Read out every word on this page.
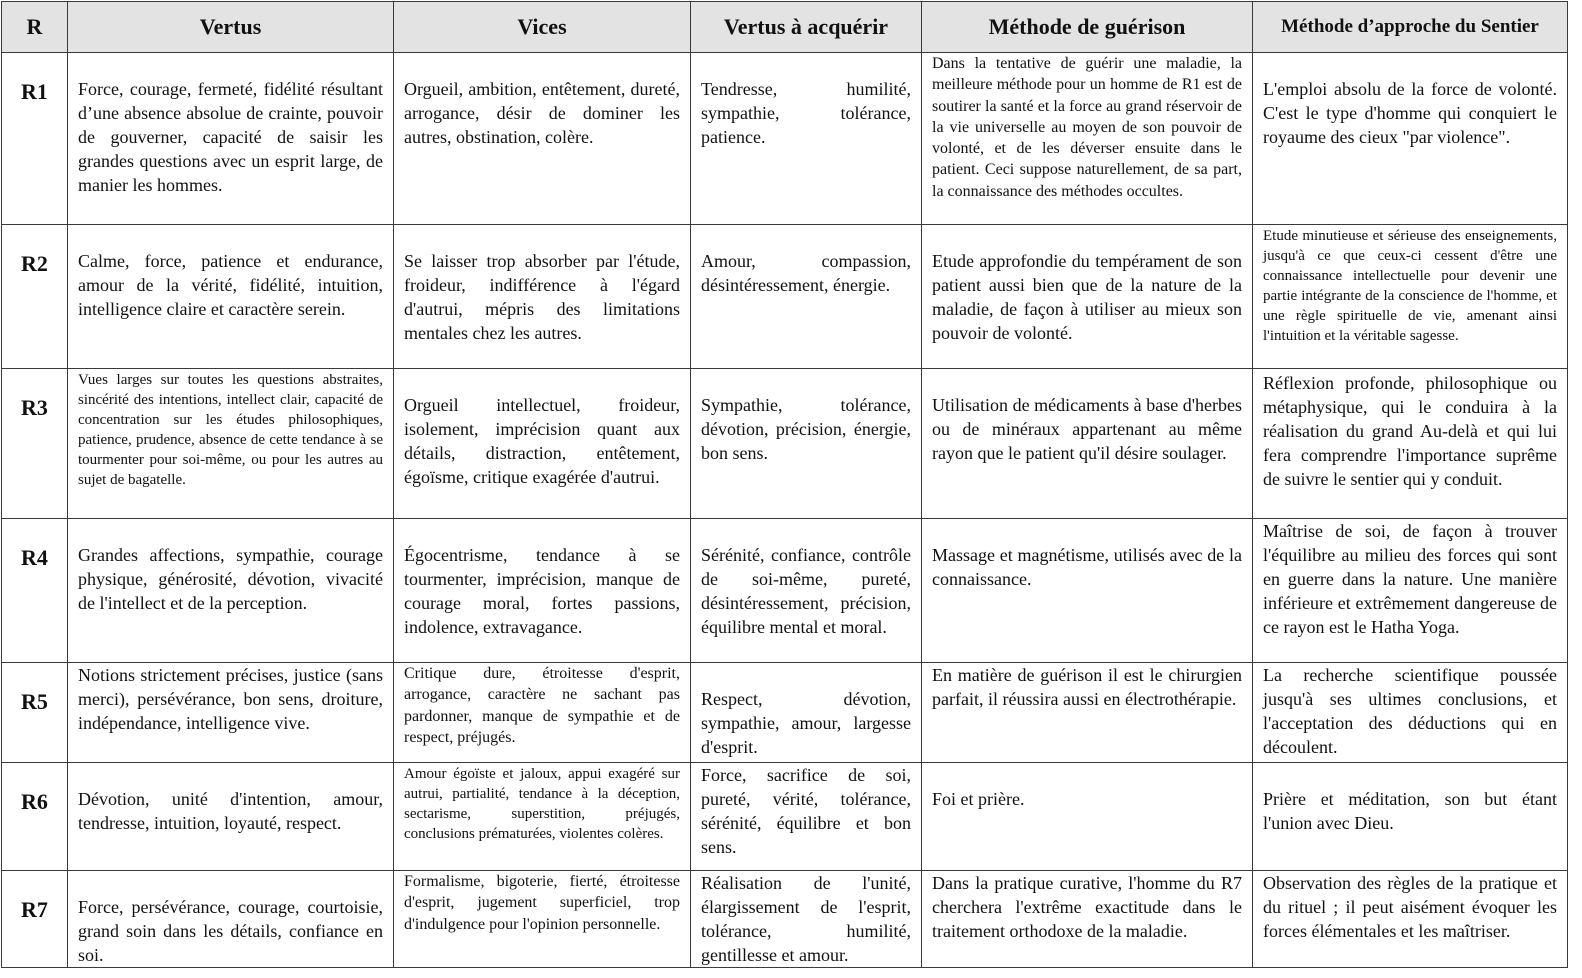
R	Vertus	Vices	Vertus à acquérir	Méthode de guérison	Méthode d’approche du Sentier
R1	Force, courage, fermeté, fidélité résultant d’une absence absolue de crainte, pouvoir de gouverner, capacité de saisir les grandes questions avec un esprit large, de manier les hommes.	Orgueil, ambition, entêtement, dureté, arrogance, désir de dominer les autres, obstination, colère.	Tendresse, humilité, sympathie, tolérance, patience.	Dans la tentative de guérir une maladie, la meilleure méthode pour un homme de R1 est de soutirer la santé et la force au grand réservoir de la vie universelle au moyen de son pouvoir de volonté, et de les déverser ensuite dans le patient. Ceci suppose naturellement, de sa part, la connaissance des méthodes occultes.	L'emploi absolu de la force de volonté. C'est le type d'homme qui conquiert le royaume des cieux "par violence".
R2	Calme, force, patience et endurance, amour de la vérité, fidélité, intuition, intelligence claire et caractère serein.	Se laisser trop absorber par l'étude, froideur, indifférence à l'égard d'autrui, mépris des limitations mentales chez les autres.	Amour, compassion, désintéressement, énergie.	Etude approfondie du tempérament de son patient aussi bien que de la nature de la maladie, de façon à utiliser au mieux son pouvoir de volonté.	Etude minutieuse et sérieuse des enseignements, jusqu'à ce que ceux-ci cessent d'être une connaissance intellectuelle pour devenir une partie intégrante de la conscience de l'homme, et une règle spirituelle de vie, amenant ainsi l'intuition et la véritable sagesse.
R3	Vues larges sur toutes les questions abstraites, sincérité des intentions, intellect clair, capacité de concentration sur les études philosophiques, patience, prudence, absence de cette tendance à se tourmenter pour soi-même, ou pour les autres au sujet de bagatelle.	Orgueil intellectuel, froideur, isolement, imprécision quant aux détails, distraction, entêtement, égoïsme, critique exagérée d'autrui.	Sympathie, tolérance, dévotion, précision, énergie, bon sens.	Utilisation de médicaments à base d'herbes ou de minéraux appartenant au même rayon que le patient qu'il désire soulager.	Réflexion profonde, philosophique ou métaphysique, qui le conduira à la réalisation du grand Au-delà et qui lui fera comprendre l'importance suprême de suivre le sentier qui y conduit.
R4	Grandes affections, sympathie, courage physique, générosité, dévotion, vivacité de l'intellect et de la perception.	Égocentrisme, tendance à se tourmenter, imprécision, manque de courage moral, fortes passions, indolence, extravagance.	Sérénité, confiance, contrôle de soi-même, pureté, désintéressement, précision, équilibre mental et moral.	Massage et magnétisme, utilisés avec de la connaissance.	Maîtrise de soi, de façon à trouver l'équilibre au milieu des forces qui sont en guerre dans la nature. Une manière inférieure et extrêmement dangereuse de ce rayon est le Hatha Yoga.
R5	Notions strictement précises, justice (sans merci), persévérance, bon sens, droiture, indépendance, intelligence vive.	Critique dure, étroitesse d'esprit, arrogance, caractère ne sachant pas pardonner, manque de sympathie et de respect, préjugés.	Respect, dévotion, sympathie, amour, largesse d'esprit.	En matière de guérison il est le chirurgien parfait, il réussira aussi en électrothérapie.	La recherche scientifique poussée jusqu'à ses ultimes conclusions, et l'acceptation des déductions qui en découlent.
R6	Dévotion, unité d'intention, amour, tendresse, intuition, loyauté, respect.	Amour égoïste et jaloux, appui exagéré sur autrui, partialité, tendance à la déception, sectarisme, superstition, préjugés, conclusions prématurées, violentes colères.	Force, sacrifice de soi, pureté, vérité, tolérance, sérénité, équilibre et bon sens.	Foi et prière.	Prière et méditation, son but étant l'union avec Dieu.
R7	Force, persévérance, courage, courtoisie, grand soin dans les détails, confiance en soi.	Formalisme, bigoterie, fierté, étroitesse d'esprit, jugement superficiel, trop d'indulgence pour l'opinion personnelle.	Réalisation de l'unité, élargissement de l'esprit, tolérance, humilité, gentillesse et amour.	Dans la pratique curative, l'homme du R7 cherchera l'extrême exactitude dans le traitement orthodoxe de la maladie.	Observation des règles de la pratique et du rituel ; il peut aisément évoquer les forces élémentales et les maîtriser.
